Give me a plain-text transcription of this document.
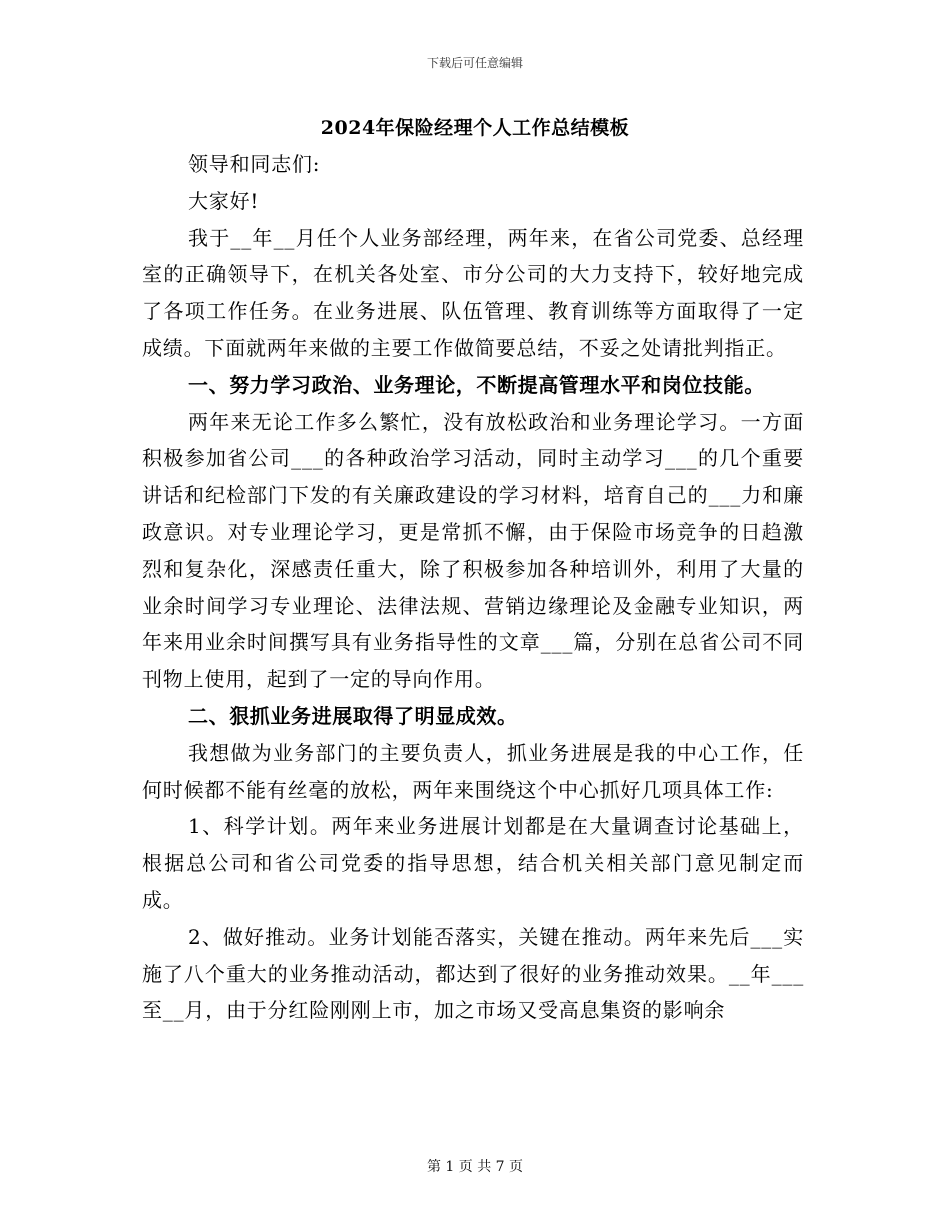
下载后可任意编辑
2024年保险经理个人工作总结模板

领导和同志们:

大家好!

我于__年__月任个人业务部经理，两年来，在省公司党委、总经理室的正确领导下，在机关各处室、市分公司的大力支持下，较好地完成了各项工作任务。在业务进展、队伍管理、教育训练等方面取得了一定成绩。下面就两年来做的主要工作做简要总结，不妥之处请批判指正。

一、努力学习政治、业务理论，不断提高管理水平和岗位技能。

两年来无论工作多么繁忙，没有放松政治和业务理论学习。一方面积极参加省公司___的各种政治学习活动，同时主动学习___的几个重要讲话和纪检部门下发的有关廉政建设的学习材料，培育自己的___力和廉政意识。对专业理论学习，更是常抓不懈，由于保险市场竞争的日趋激烈和复杂化，深感责任重大，除了积极参加各种培训外，利用了大量的业余时间学习专业理论、法律法规、营销边缘理论及金融专业知识，两年来用业余时间撰写具有业务指导性的文章___篇，分别在总省公司不同刊物上使用，起到了一定的导向作用。

二、狠抓业务进展取得了明显成效。

我想做为业务部门的主要负责人，抓业务进展是我的中心工作，任何时候都不能有丝毫的放松，两年来围绕这个中心抓好几项具体工作:

1、科学计划。两年来业务进展计划都是在大量调查讨论基础上，根据总公司和省公司党委的指导思想，结合机关相关部门意见制定而成。

2、做好推动。业务计划能否落实，关键在推动。两年来先后___实施了八个重大的业务推动活动，都达到了很好的业务推动效果。__年___至__月，由于分红险刚刚上市，加之市场又受高息集资的影响余

第 1 页 共 7 页
